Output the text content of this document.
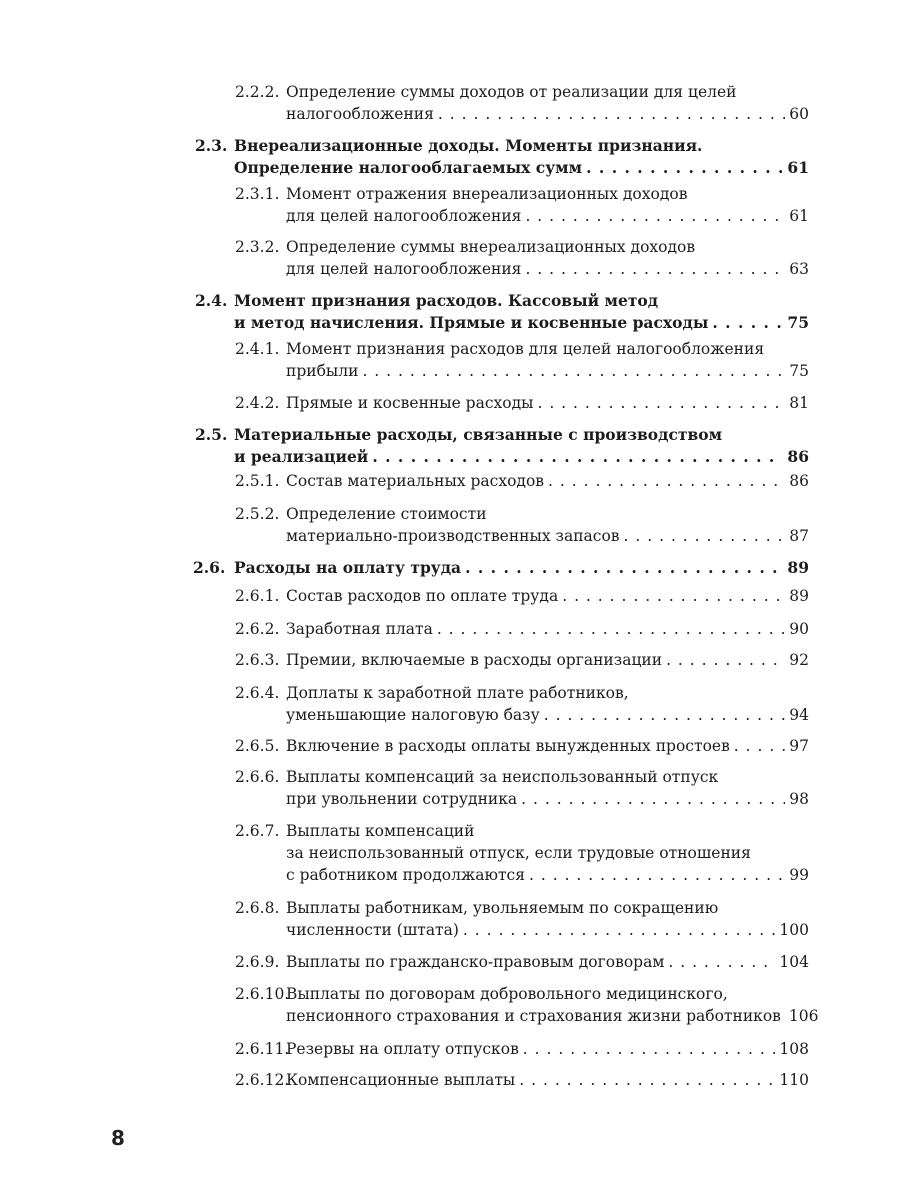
2.2.2. Определение суммы доходов от реализации для целей
налогообложения . . .	60
2.3. Внереализационные доходы. Моменты признания.
Определение налогооблагаемых сумм . . .	61
2.3.1. Момент отражения внереализационных доходов
для целей налогообложения . . .	61
2.3.2. Определение суммы внереализационных доходов
для целей налогообложения . . .	63
2.4. Момент признания расходов. Кассовый метод
и метод начисления. Прямые и косвенные расходы . . .	75
2.4.1. Момент признания расходов для целей налогообложения
прибыли . . .	75
2.4.2. Прямые и косвенные расходы . . .	81
2.5. Материальные расходы, связанные с производством
и реализацией . . .	86
2.5.1. Состав материальных расходов . . .	86
2.5.2. Определение стоимости
материально-производственных запасов . . .	87
2.6. Расходы на оплату труда . . .	89
2.6.1. Состав расходов по оплате труда . . .	89
2.6.2. Заработная плата . . .	90
2.6.3. Премии, включаемые в расходы организации . . .	92
2.6.4. Доплаты к заработной плате работников,
уменьшающие налоговую базу . . .	94
2.6.5. Включение в расходы оплаты вынужденных простоев . . .	97
2.6.6. Выплаты компенсаций за неиспользованный отпуск
при увольнении сотрудника . . .	98
2.6.7. Выплаты компенсаций
за неиспользованный отпуск, если трудовые отношения
с работником продолжаются . . .	99
2.6.8. Выплаты работникам, увольняемым по сокращению
численности (штата) . . .	100
2.6.9. Выплаты по гражданско-правовым договорам . . .	104
2.6.10.
Выплаты по договорам добровольного медицинского,
пенсионного страхования и страхования жизни работников 106
2.6.11.
Резервы на оплату отпусков . . .	108
2.6.12.
Компенсационные выплаты . . .	110
8
